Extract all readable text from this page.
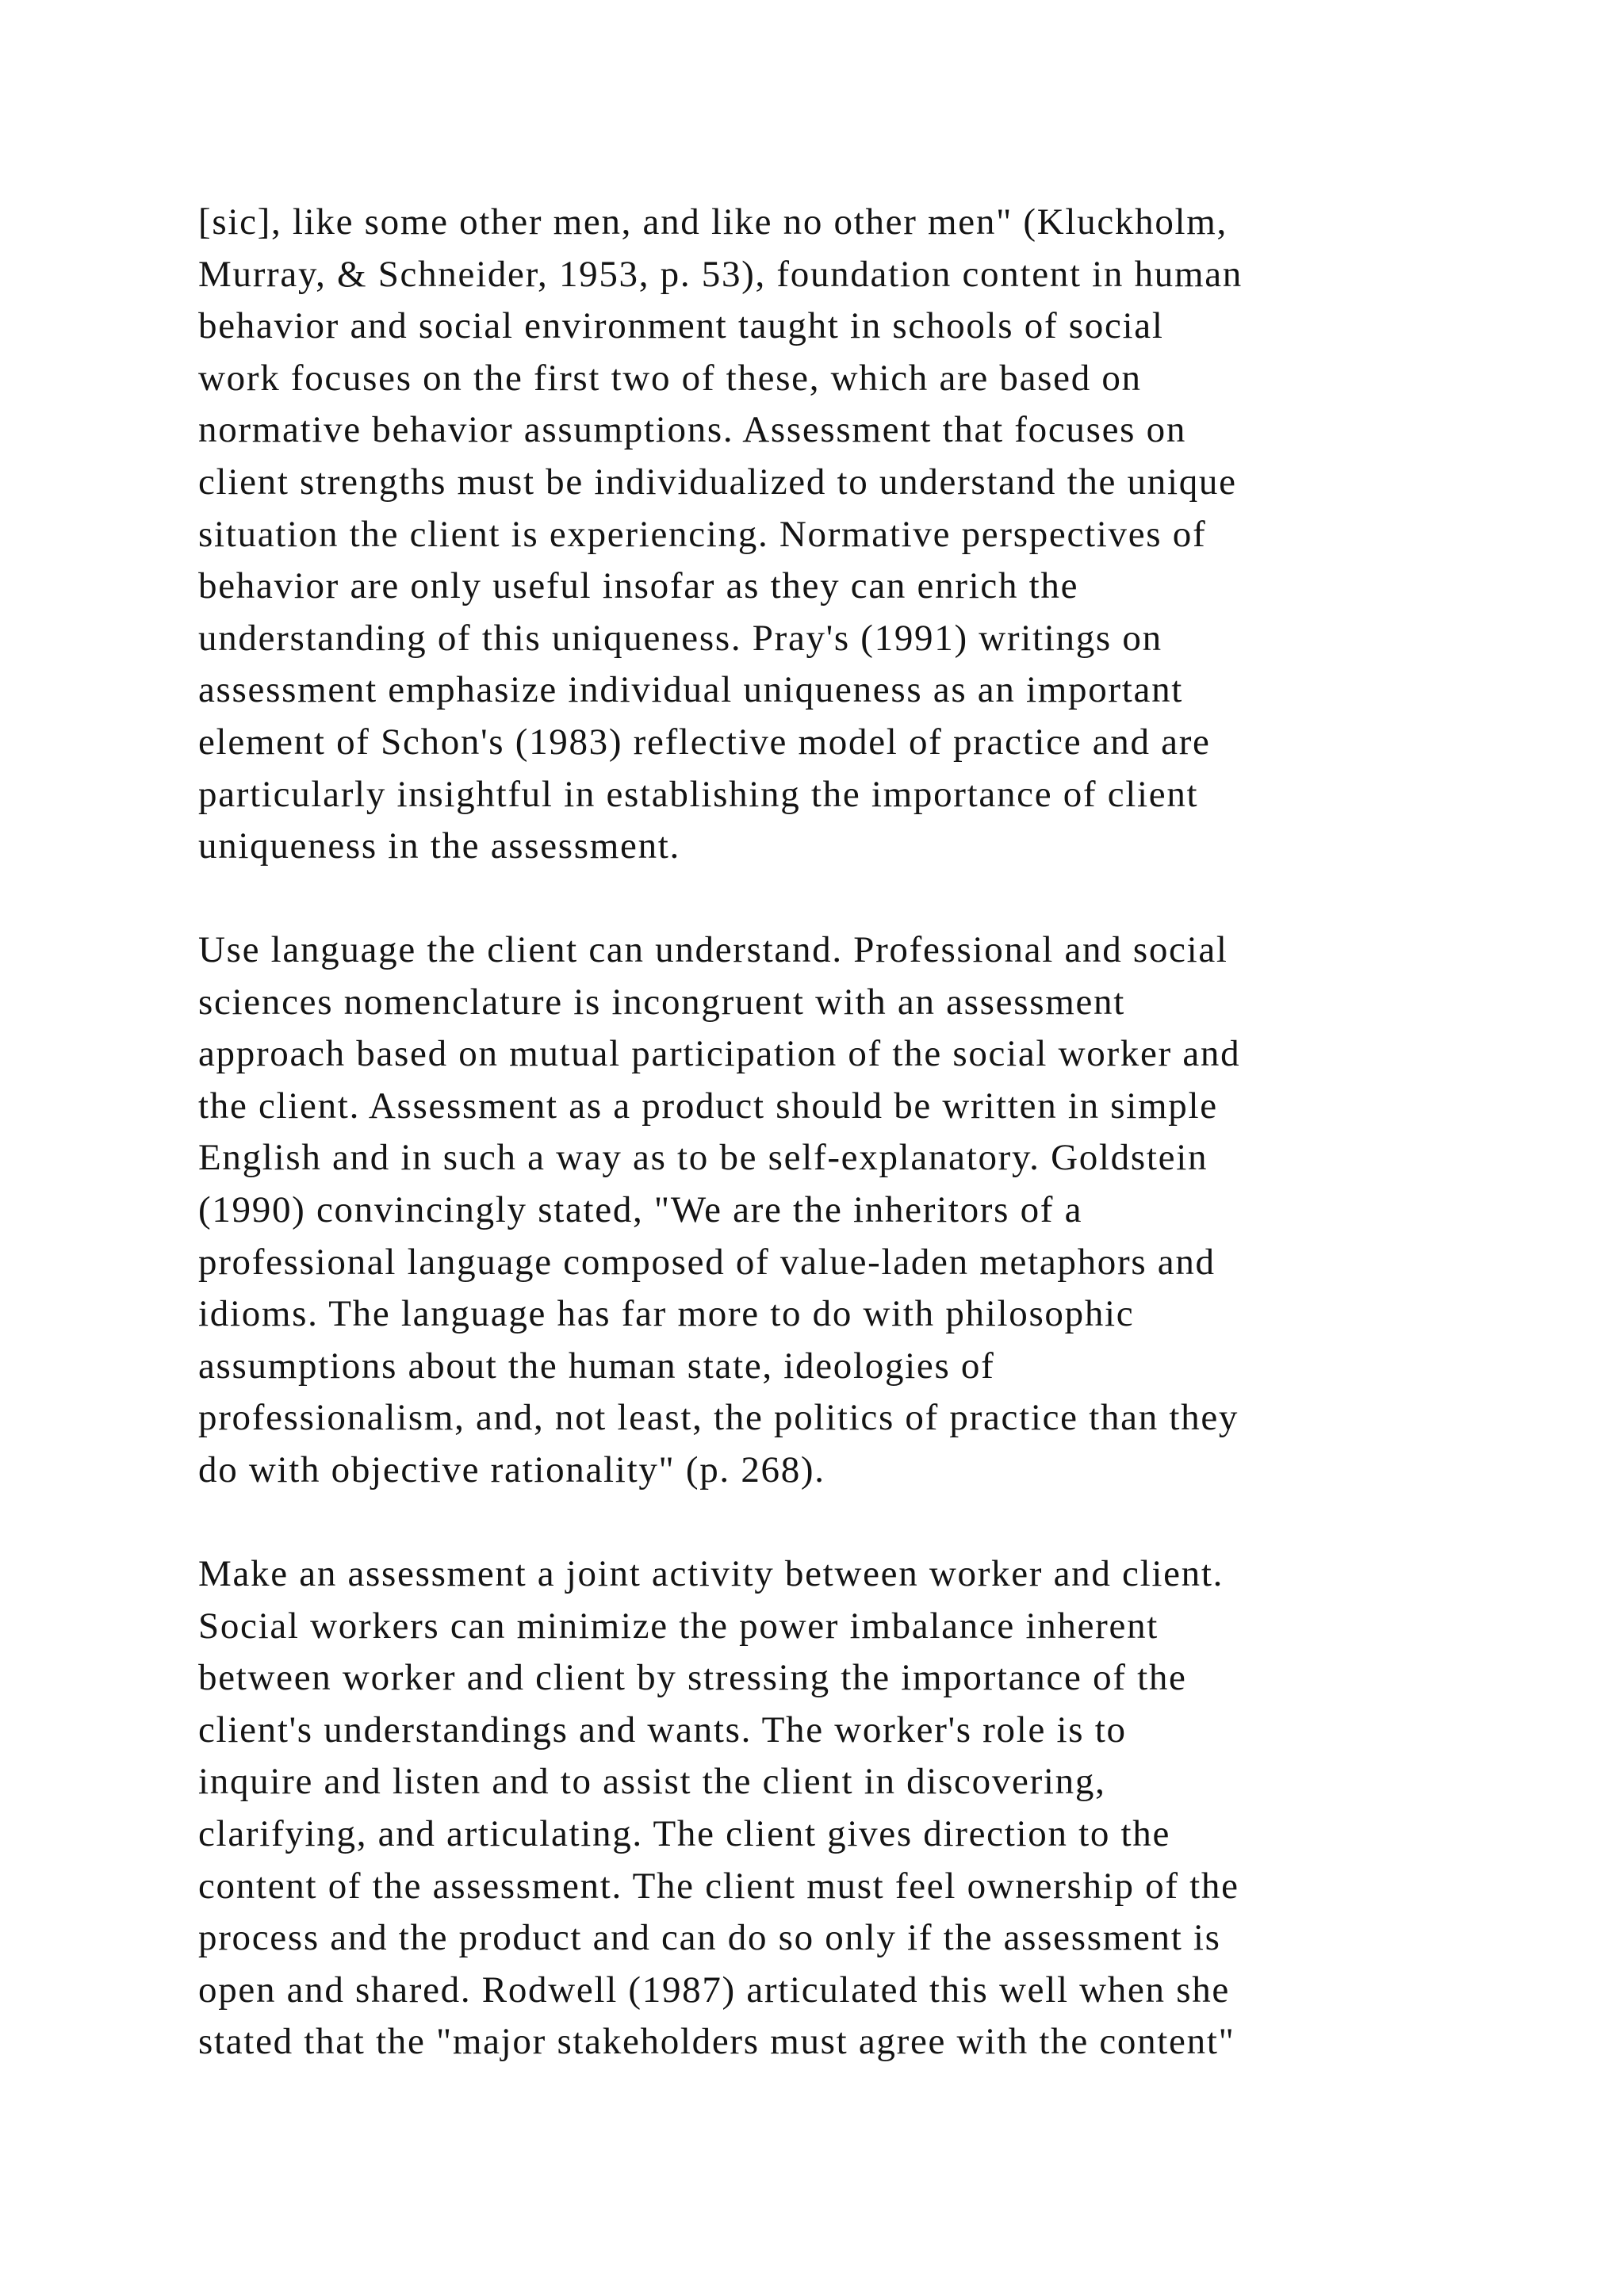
[sic], like some other men, and like no other men" (Kluckholm,
Murray, & Schneider, 1953, p. 53), foundation content in human
behavior and social environment taught in schools of social
work focuses on the first two of these, which are based on
normative behavior assumptions. Assessment that focuses on
client strengths must be individualized to understand the unique
situation the client is experiencing. Normative perspectives of
behavior are only useful insofar as they can enrich the
understanding of this uniqueness. Pray's (1991) writings on
assessment emphasize individual uniqueness as an important
element of Schon's (1983) reflective model of practice and are
particularly insightful in establishing the importance of client
uniqueness in the assessment.

Use language the client can understand. Professional and social
sciences nomenclature is incongruent with an assessment
approach based on mutual participation of the social worker and
the client. Assessment as a product should be written in simple
English and in such a way as to be self-explanatory. Goldstein
(1990) convincingly stated, "We are the inheritors of a
professional language composed of value-laden metaphors and
idioms. The language has far more to do with philosophic
assumptions about the human state, ideologies of
professionalism, and, not least, the politics of practice than they
do with objective rationality" (p. 268).

Make an assessment a joint activity between worker and client.
Social workers can minimize the power imbalance inherent
between worker and client by stressing the importance of the
client's understandings and wants. The worker's role is to
inquire and listen and to assist the client in discovering,
clarifying, and articulating. The client gives direction to the
content of the assessment. The client must feel ownership of the
process and the product and can do so only if the assessment is
open and shared. Rodwell (1987) articulated this well when she
stated that the "major stakeholders must agree with the content"
